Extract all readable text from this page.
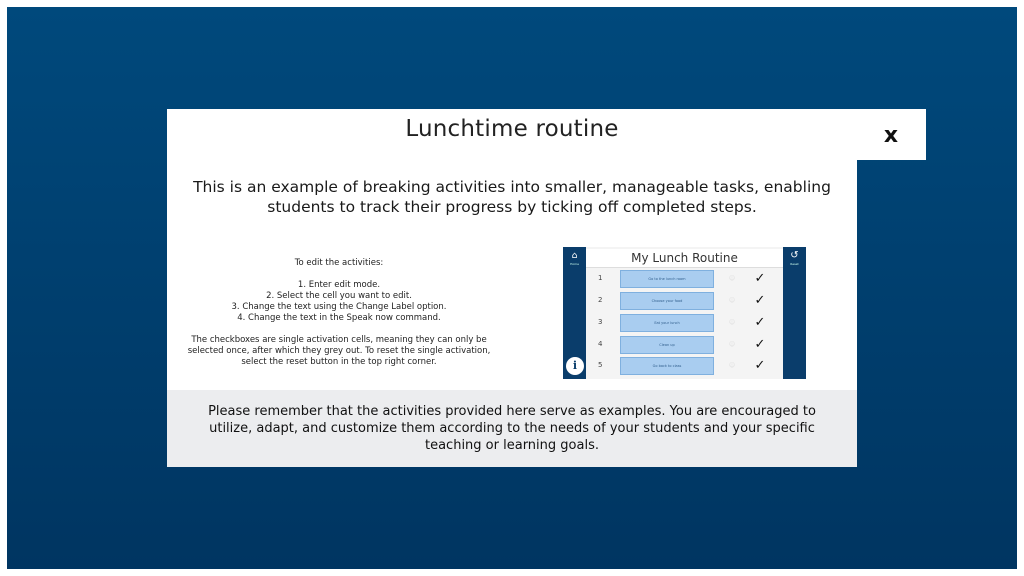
x
Lunchtime routine
This is an example of breaking activities into smaller, manageable tasks, enabling students to track their progress by ticking off completed steps.
To edit the activities:
1. Enter edit mode.
2. Select the cell you want to edit.
3. Change the text using the Change Label option.
4. Change the text in the Speak now command.
The checkboxes are single activation cells, meaning they can only be selected once, after which they grey out. To reset the single activation, select the reset button in the top right corner.
⌂
Home
↺
Reset
i
My Lunch Routine
1	Go to the lunch room	☺	✓
2	Choose your food	☺	✓
3	Eat your lunch	☺	✓
4	Clean up	☺	✓
5	Go back to class	☺	✓
Please remember that the activities provided here serve as examples. You are encouraged to utilize, adapt, and customize them according to the needs of your students and your specific teaching or learning goals.
